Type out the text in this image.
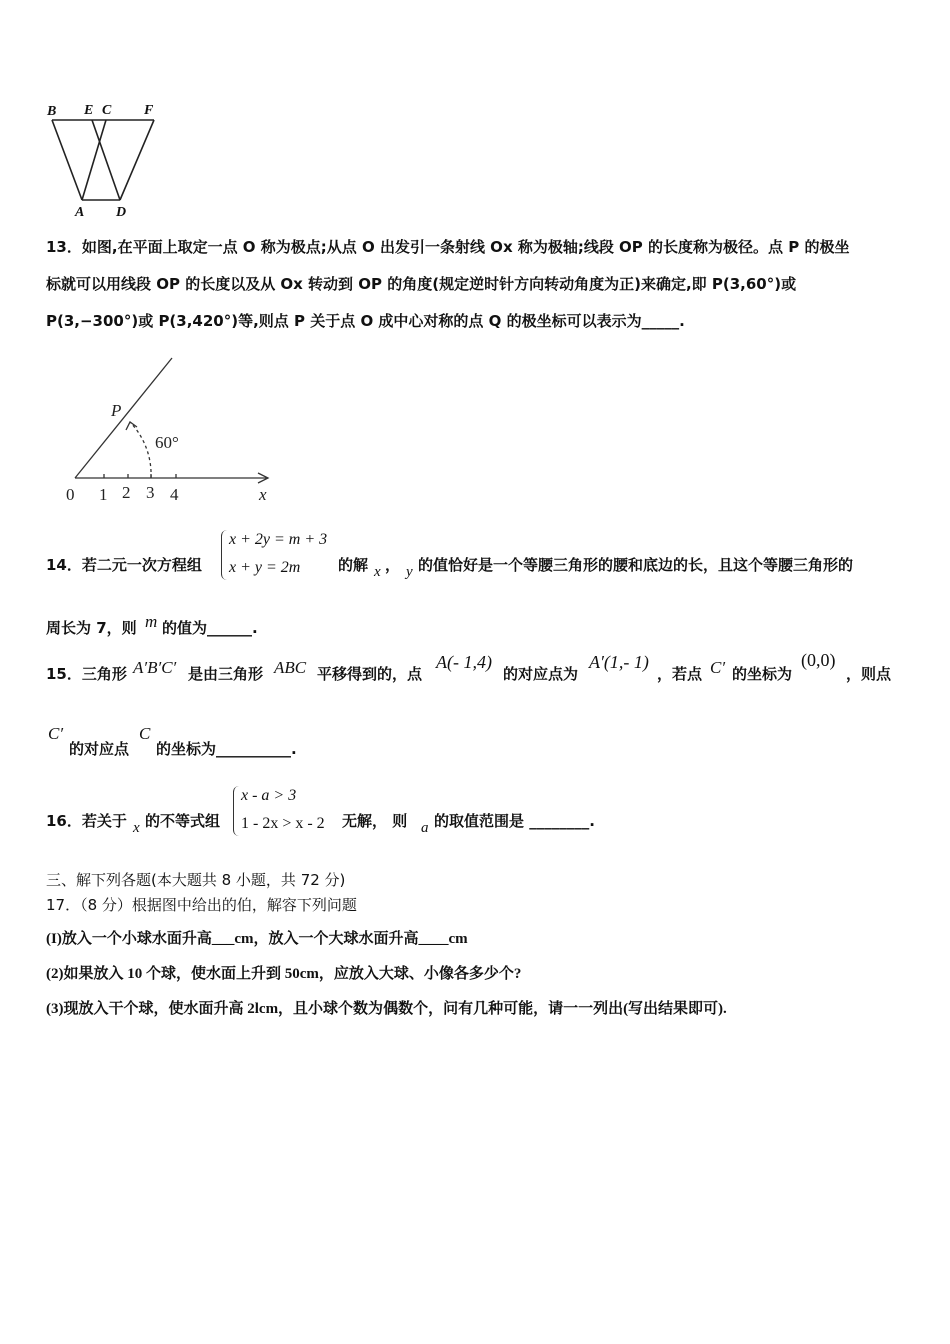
B E C F
A D
13．如图,在平面上取定一点 O 称为极点;从点 O 出发引一条射线 Ox 称为极轴;线段 OP 的长度称为极径。点 P 的极坐
标就可以用线段 OP 的长度以及从 Ox 转动到 OP 的角度(规定逆时针方向转动角度为正)来确定,即 P(3,60°)或
P(3,−300°)或 P(3,420°)等,则点 P 关于点 O 成中心对称的点 Q 的极坐标可以表示为_____.
P
60°
0 1 2 3 4	x
14．若二元一次方程组
x + 2y = m + 3
x + y = 2m	的解 x ， y 的值恰好是一个等腰三角形的腰和底边的长，且这个等腰三角形的
周长为 7，则 m 的值为______.
15．三角形 A′B′C′ 是由三角形 ABC 平移得到的，点
A(- 1,4)
的对应点为
A′(1,- 1)
，若点 C′ 的坐标为
(0,0)
，则点
C′
的对应点
C
的坐标为__________.
16．若关于 x 的不等式组
x - a > 3
1 - 2x > x - 2 无解， 则 a 的取值范围是 ________.
三、解下列各题(本大题共 8 小题，共 72 分)
17．（8 分）根据图中给出的伯，解容下列问题
(I)放入一个小球水面升高___cm，放入一个大球水面升高____cm
(2)如果放入 10 个球，使水面上升到 50cm，应放入大球、小像各多少个?
(3)现放入干个球，使水面升高 2lcm，且小球个数为偶数个，问有几种可能，请一一列出(写出结果即可).
